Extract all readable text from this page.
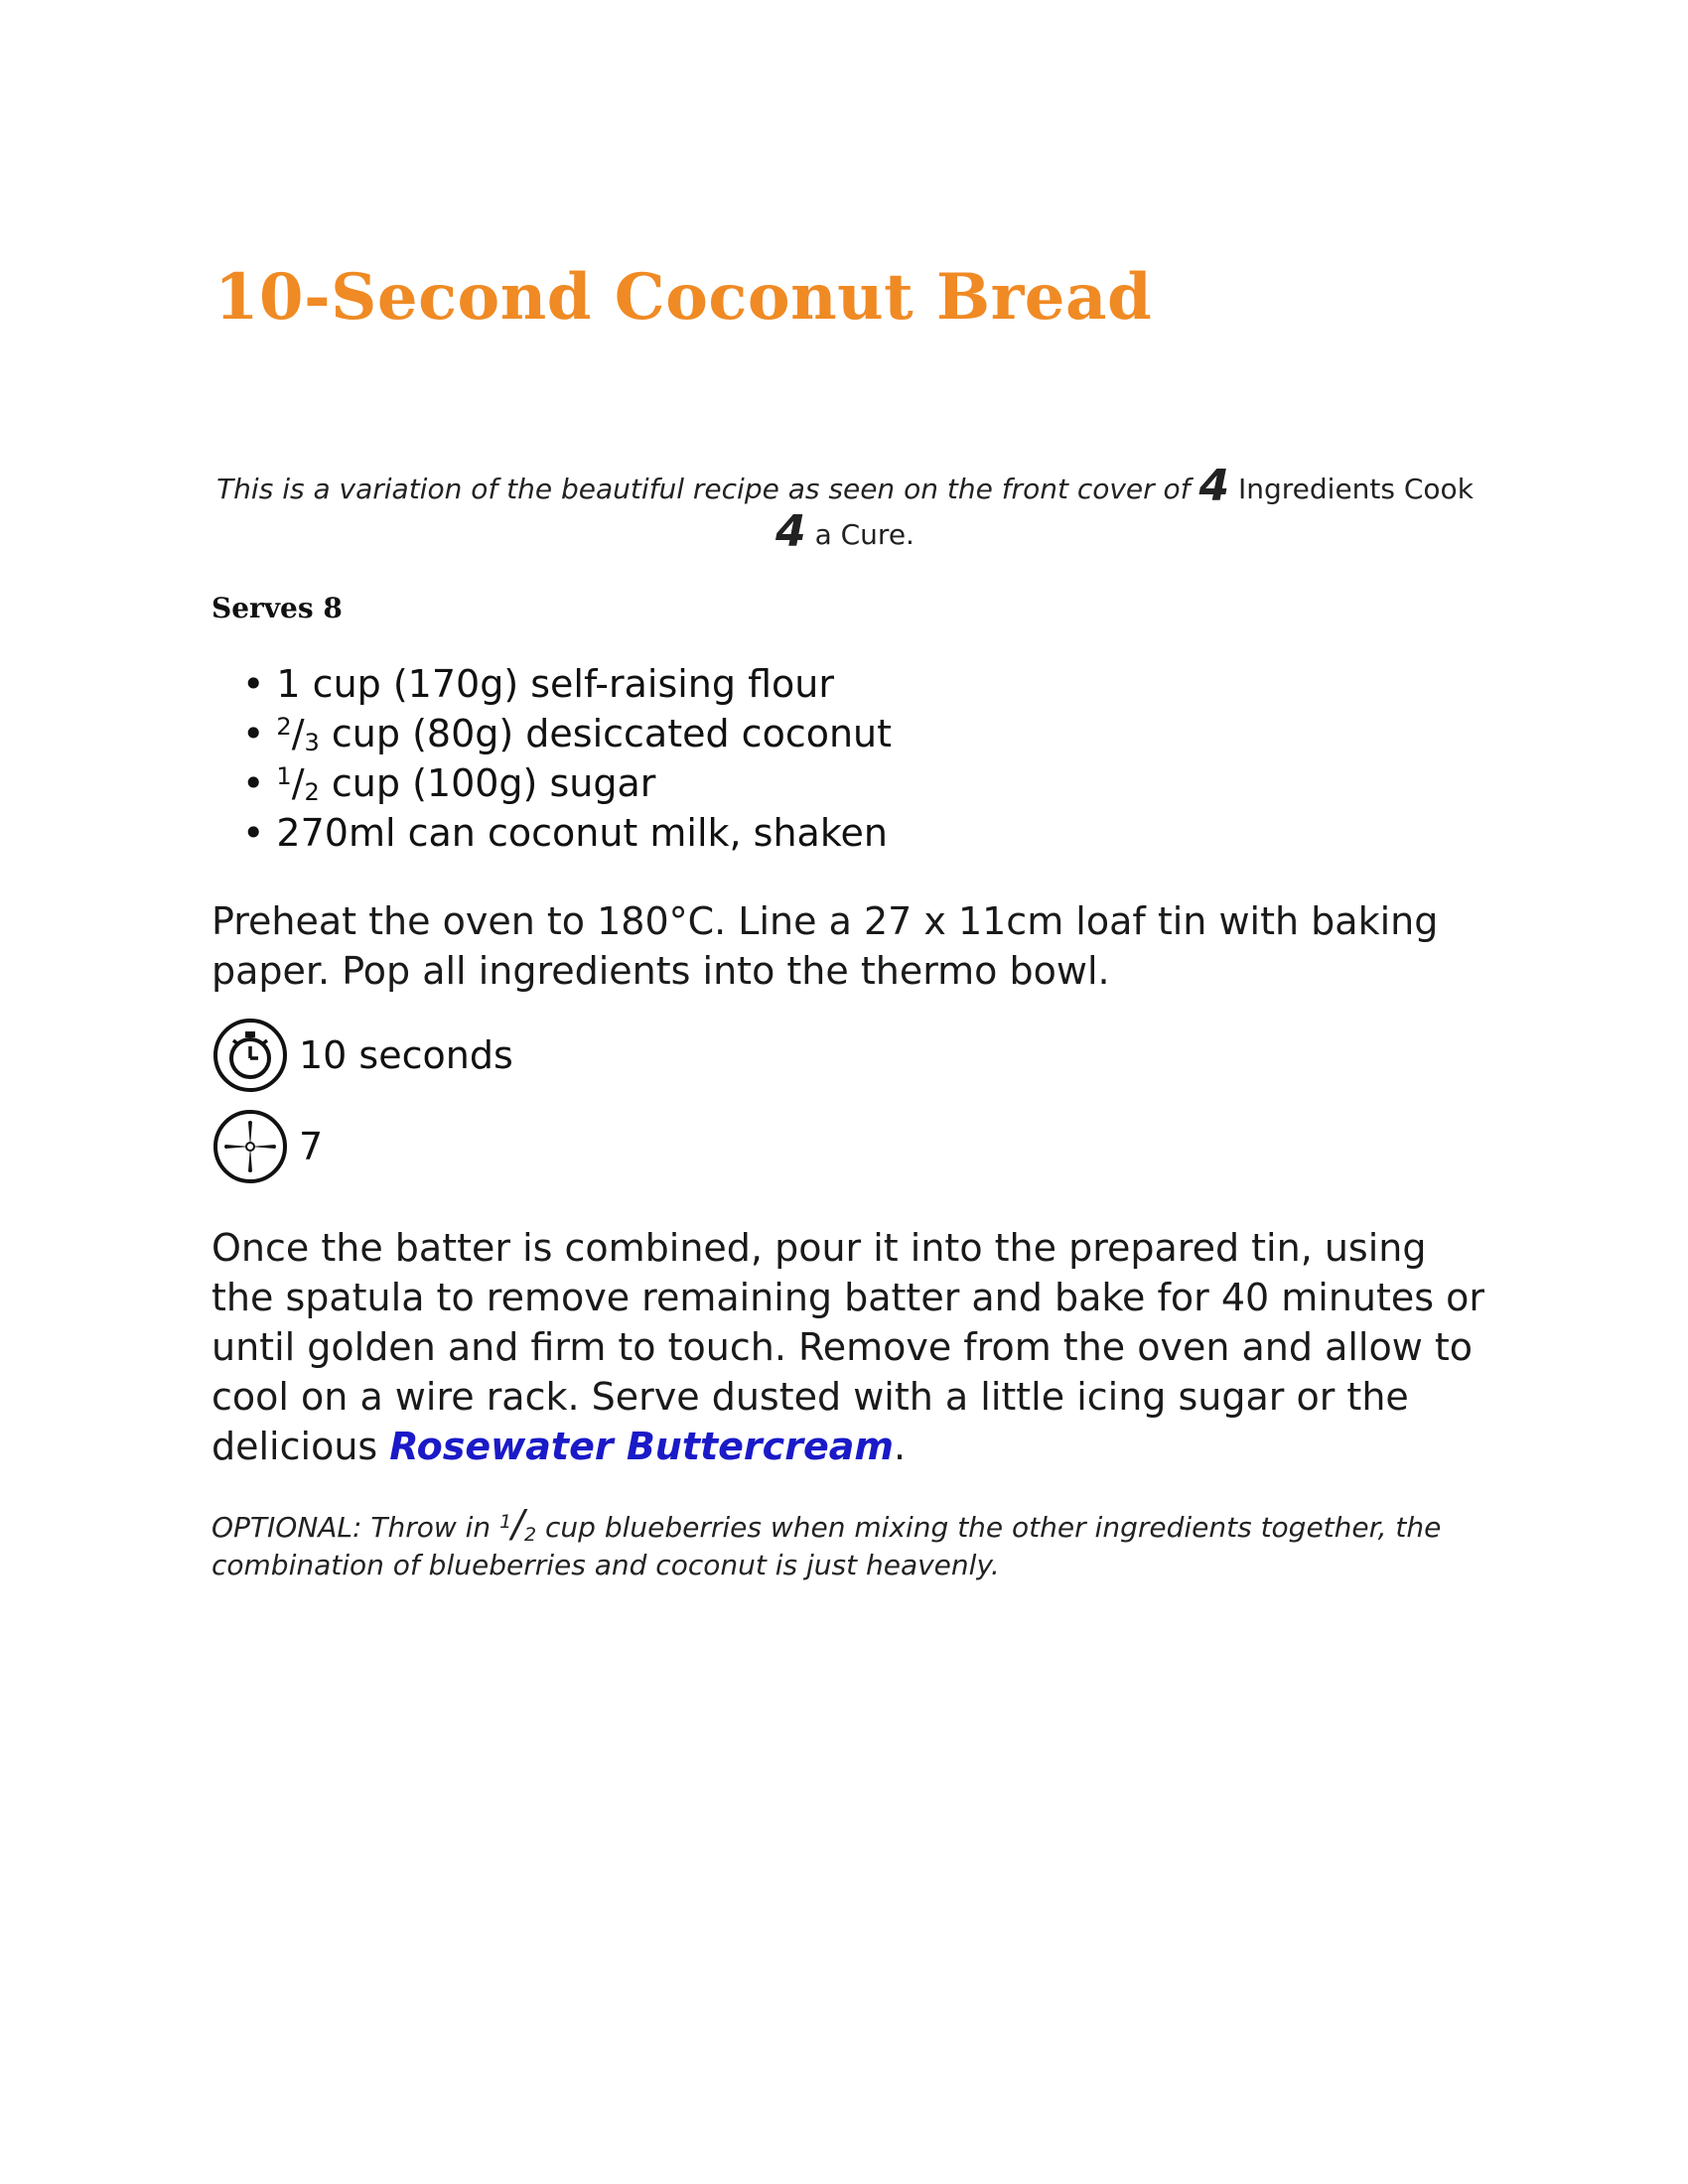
10-Second Coconut Bread

This is a variation of the beautiful recipe as seen on the front cover of 4 Ingredients Cook 4 a Cure.

Serves 8

• 1 cup (170g) self-raising flour
• $^2/_3$ cup (80g) desiccated coconut
• $^1/_2$ cup (100g) sugar
• 270ml can coconut milk, shaken

Preheat the oven to 180°C. Line a 27 x 11cm loaf tin with baking paper. Pop all ingredients into the thermo bowl.

10 seconds
7

Once the batter is combined, pour it into the prepared tin, using the spatula to remove remaining batter and bake for 40 minutes or until golden and firm to touch. Remove from the oven and allow to cool on a wire rack. Serve dusted with a little icing sugar or the delicious Rosewater Buttercream.

OPTIONAL: Throw in $^1/_2$ cup blueberries when mixing the other ingredients together, the combination of blueberries and coconut is just heavenly.
